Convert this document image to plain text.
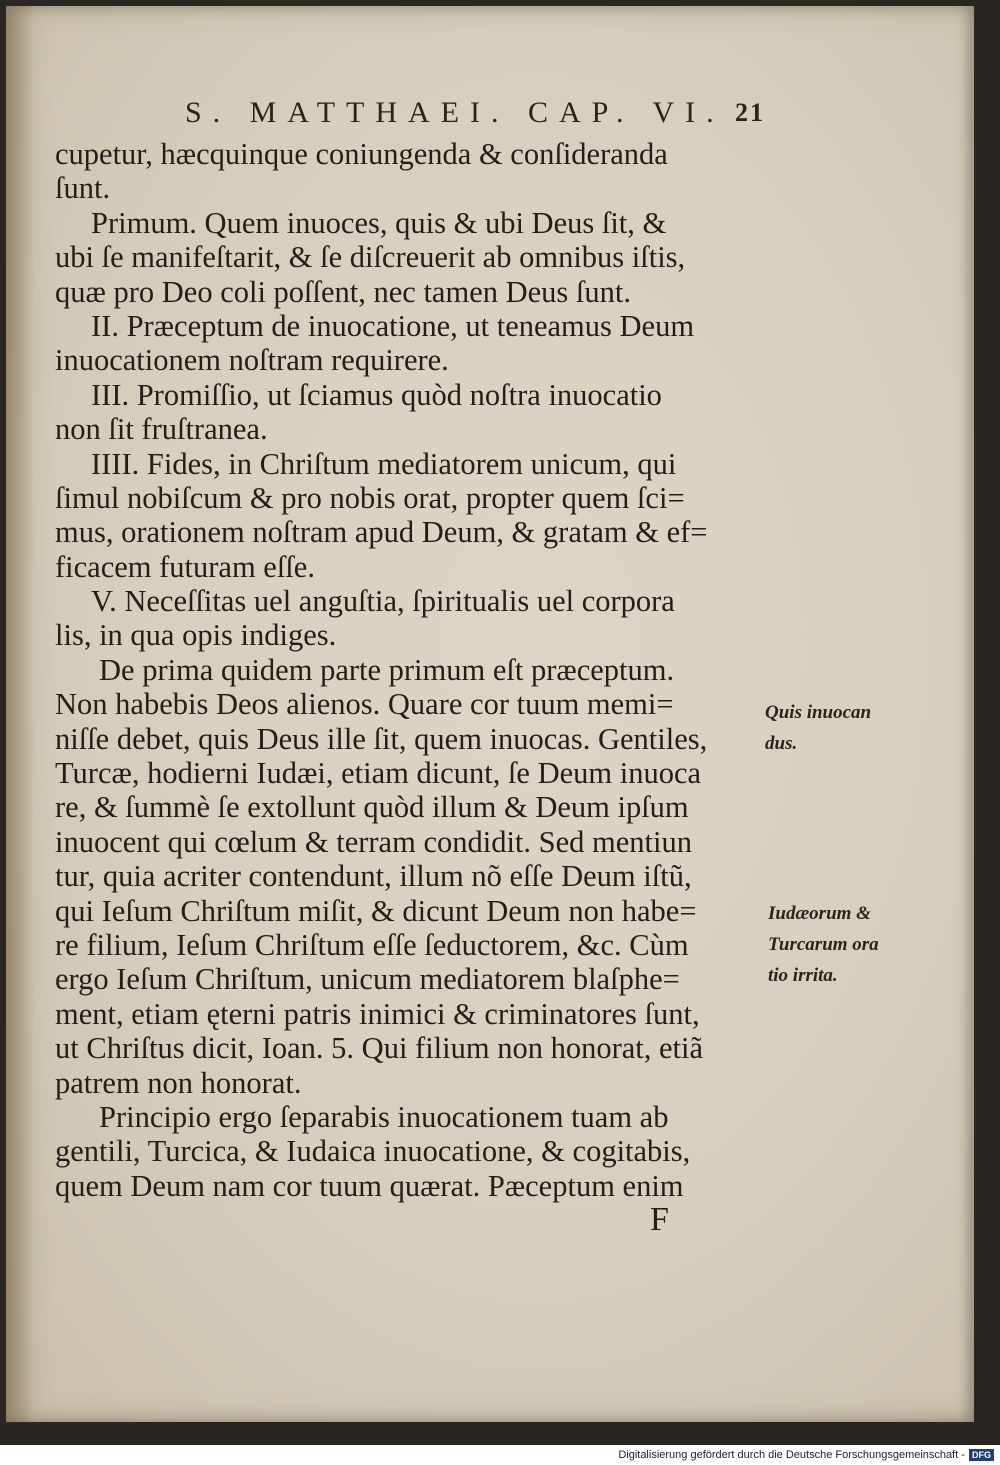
S. MATTHAEI. CAP. VI. 21
cupetur, hæcquinque coniungenda & conſideranda
ſunt.
Primum. Quem inuoces, quis & ubi Deus ſit, &
ubi ſe manifeſtarit, & ſe diſcreuerit ab omnibus iſtis,
quæ pro Deo coli poſſent, nec tamen Deus ſunt.
II. Præceptum de inuocatione, ut teneamus Deum
inuocationem noſtram requirere.
III. Promiſſio, ut ſciamus quòd noſtra inuocatio
non ſit fruſtranea.
IIII. Fides, in Chriſtum mediatorem unicum, qui
ſimul nobiſcum & pro nobis orat, propter quem ſci=
mus, orationem noſtram apud Deum, & gratam & ef=
ficacem futuram eſſe.
V. Neceſſitas uel anguſtia, ſpiritualis uel corpora
lis, in qua opis indiges.
De prima quidem parte primum eſt præceptum.
Non habebis Deos alienos. Quare cor tuum memi=
niſſe debet, quis Deus ille ſit, quem inuocas. Gentiles,
Turcæ, hodierni Iudæi, etiam dicunt, ſe Deum inuoca
re, & ſummè ſe extollunt quòd illum & Deum ipſum
inuocent qui cœlum & terram condidit. Sed mentiun
tur, quia acriter contendunt, illum nõ eſſe Deum iſtũ,
qui Ieſum Chriſtum miſit, & dicunt Deum non habe=
re filium, Ieſum Chriſtum eſſe ſeductorem, &c. Cùm
ergo Ieſum Chriſtum, unicum mediatorem blaſphe=
ment, etiam ęterni patris inimici & criminatores ſunt,
ut Chriſtus dicit, Ioan. 5. Qui filium non honorat, etiã
patrem non honorat.
Principio ergo ſeparabis inuocationem tuam ab
gentili, Turcica, & Iudaica inuocatione, & cogitabis,
quem Deum nam cor tuum quærat. Pæceptum enim
F
Quis inuocan
dus.
Iudæorum &
Turcarum ora
tio irrita.
Digitalisierung gefördert durch die Deutsche Forschungsgemeinschaft - DFG
